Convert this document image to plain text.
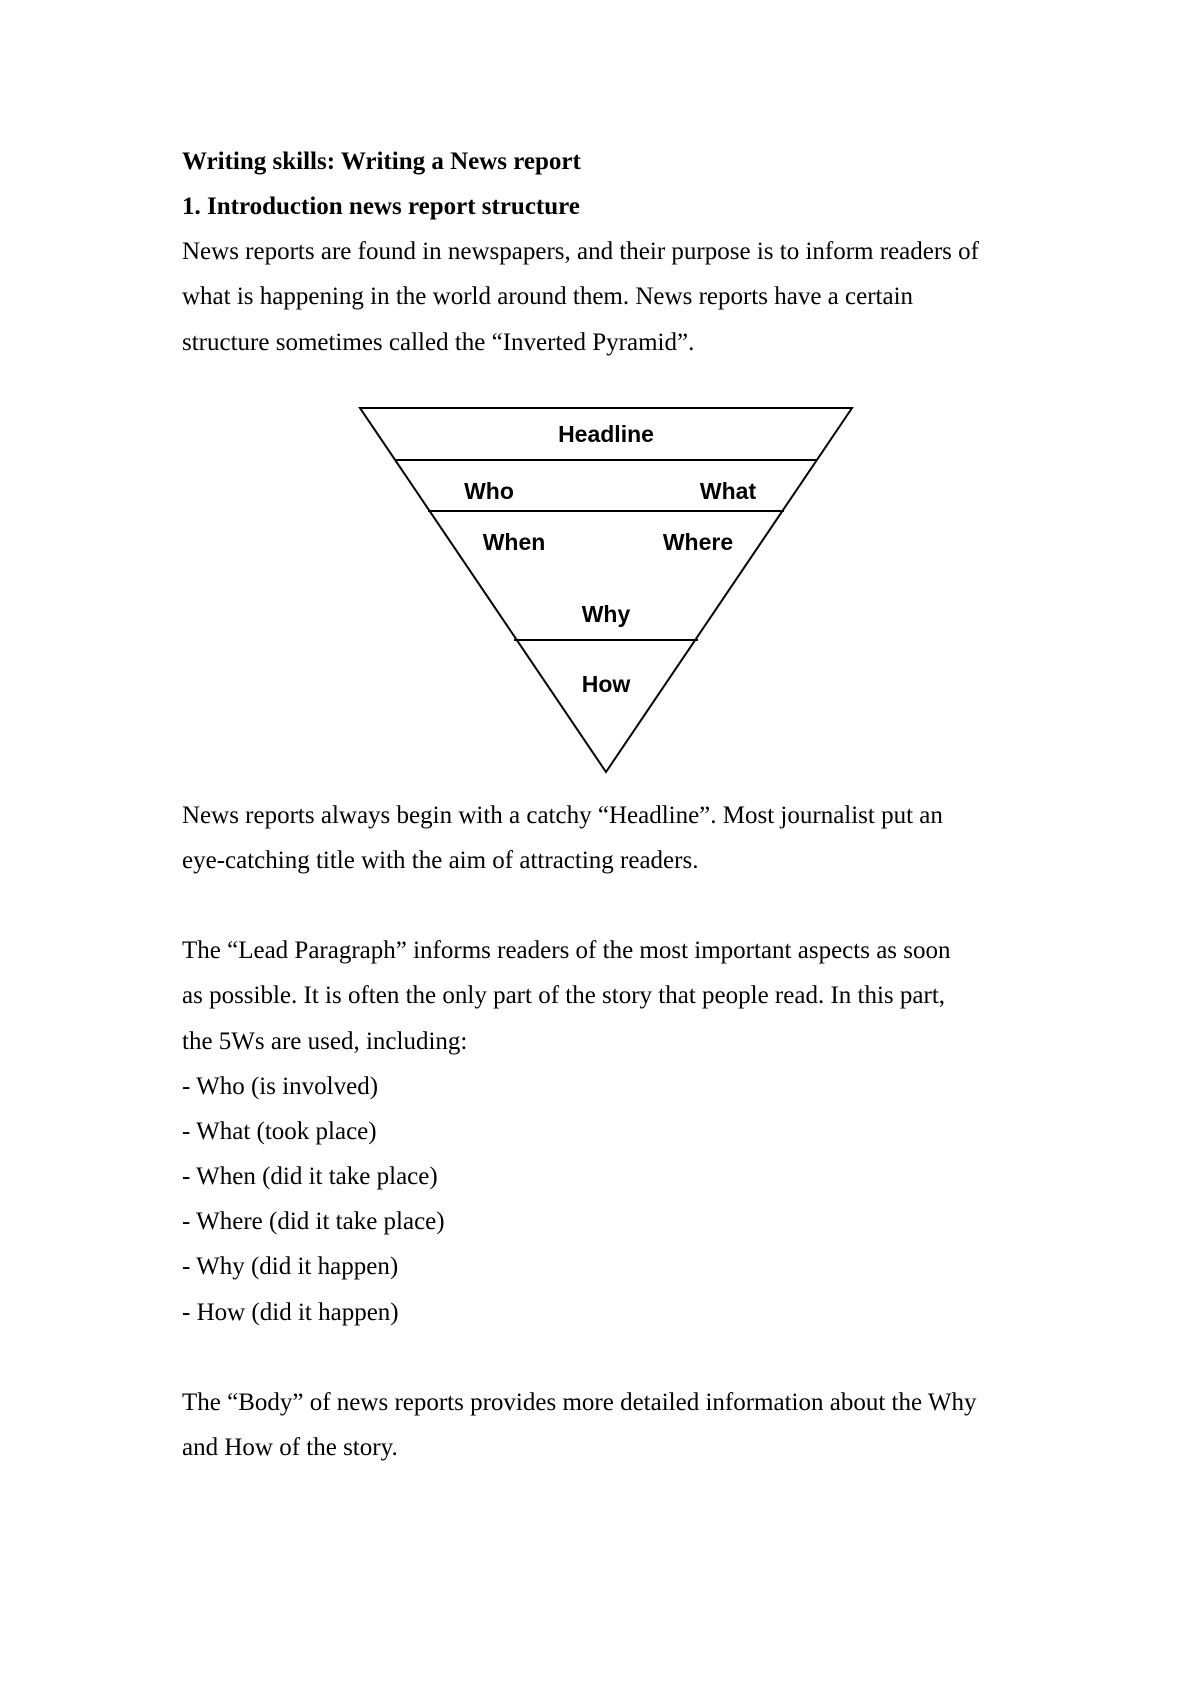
Writing skills: Writing a News report

1. Introduction news report structure

News reports are found in newspapers, and their purpose is to inform readers of

what is happening in the world around them. News reports have a certain

structure sometimes called the “Inverted Pyramid”.

Headline
Who	What
When	Where
Why
How

News reports always begin with a catchy “Headline”. Most journalist put an

eye-catching title with the aim of attracting readers.

The “Lead Paragraph” informs readers of the most important aspects as soon

as possible. It is often the only part of the story that people read. In this part,

the 5Ws are used, including:

- Who (is involved)

- What (took place)

- When (did it take place)

- Where (did it take place)

- Why (did it happen)

- How (did it happen)

The “Body” of news reports provides more detailed information about the Why

and How of the story.
